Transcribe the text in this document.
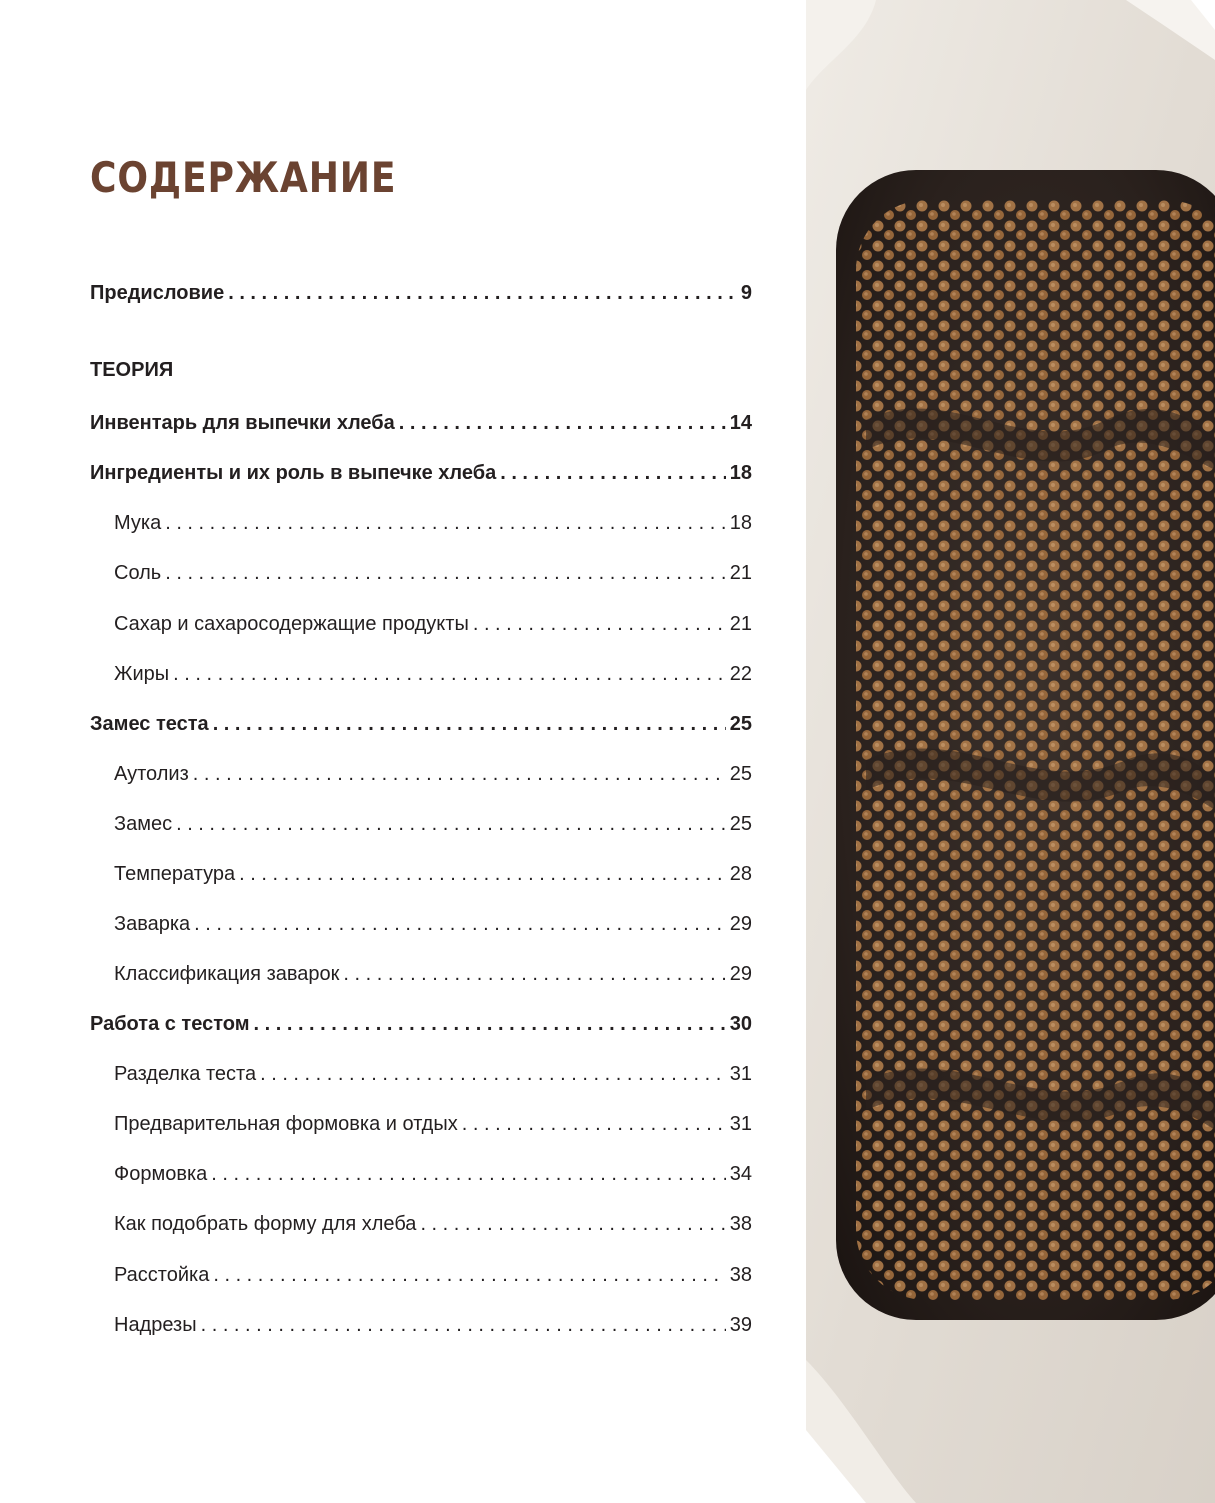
СОДЕРЖАНИЕ
Предисловие . . .	9
ТЕОРИЯ
Инвентарь для выпечки хлеба . . .	14
Ингредиенты и их роль в выпечке хлеба . . .	18
Мука . . .	18
Соль . . .	21
Сахар и сахаросодержащие продукты . . .	21
Жиры . . .	22
Замес теста . . .	25
Аутолиз . . .	25
Замес . . .	25
Температура . . .	28
Заварка . . .	29
Классификация заварок . . .	29
Работа с тестом . . .	30
Разделка теста . . .	31
Предварительная формовка и отдых . . .	31
Формовка . . .	34
Как подобрать форму для хлеба . . .	38
Расстойка . . .	38
Надрезы . . .	39
